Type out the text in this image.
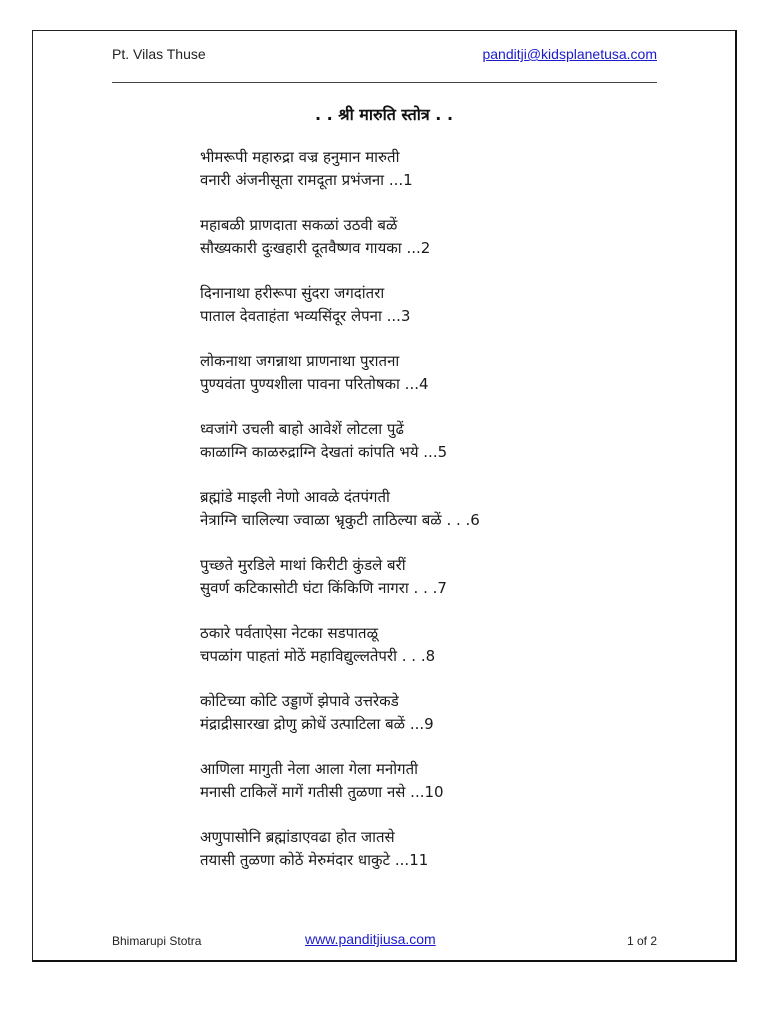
Pt. Vilas Thuse	panditji@kidsplanetusa.com
. . श्री मारुति स्तोत्र . .
भीमरूपी महारुद्रा वज्र हनुमान मारुती
वनारी अंजनीसूता रामदूता प्रभंजना ...1
महाबळी प्राणदाता सकळां उठवी बळें
सौख्यकारी दुःखहारी दूतवैष्णव गायका ...2
दिनानाथा हरीरूपा सुंदरा जगदांतरा
पाताल देवताहंता भव्यसिंदूर लेपना ...3
लोकनाथा जगन्नाथा प्राणनाथा पुरातना
पुण्यवंता पुण्यशीला पावना परितोषका ...4
ध्वजांगे उचली बाहो आवेशें लोटला पुढें
काळाग्नि काळरुद्राग्नि देखतां कांपति भये ...5
ब्रह्मांडे माइली नेणो आवळे दंतपंगती
नेत्राग्नि चालिल्या ज्वाळा भ्रृकुटी ताठिल्या बळें . . .6
पुच्छते मुरडिले माथां किरीटी कुंडले बरीं
सुवर्ण कटिकासोटी घंटा किंकिणि नागरा . . .7
ठकारे पर्वताऐसा नेटका सडपातळू
चपळांग पाहतां मोठें महाविद्युल्लतेपरी . . .8
कोटिच्या कोटि उड्डाणें झेपावे उत्तरेकडे
मंद्राद्रीसारखा द्रोणु क्रोधें उत्पाटिला बळें ...9
आणिला मागुती नेला आला गेला मनोगती
मनासी टाकिलें मागें गतीसी तुळणा नसे ...10
अणुपासोनि ब्रह्मांडाएवढा होत जातसे
तयासी तुळणा कोठें मेरुमंदार धाकुटे ...11
Bhimarupi Stotra	www.panditjiusa.com	1 of 2
